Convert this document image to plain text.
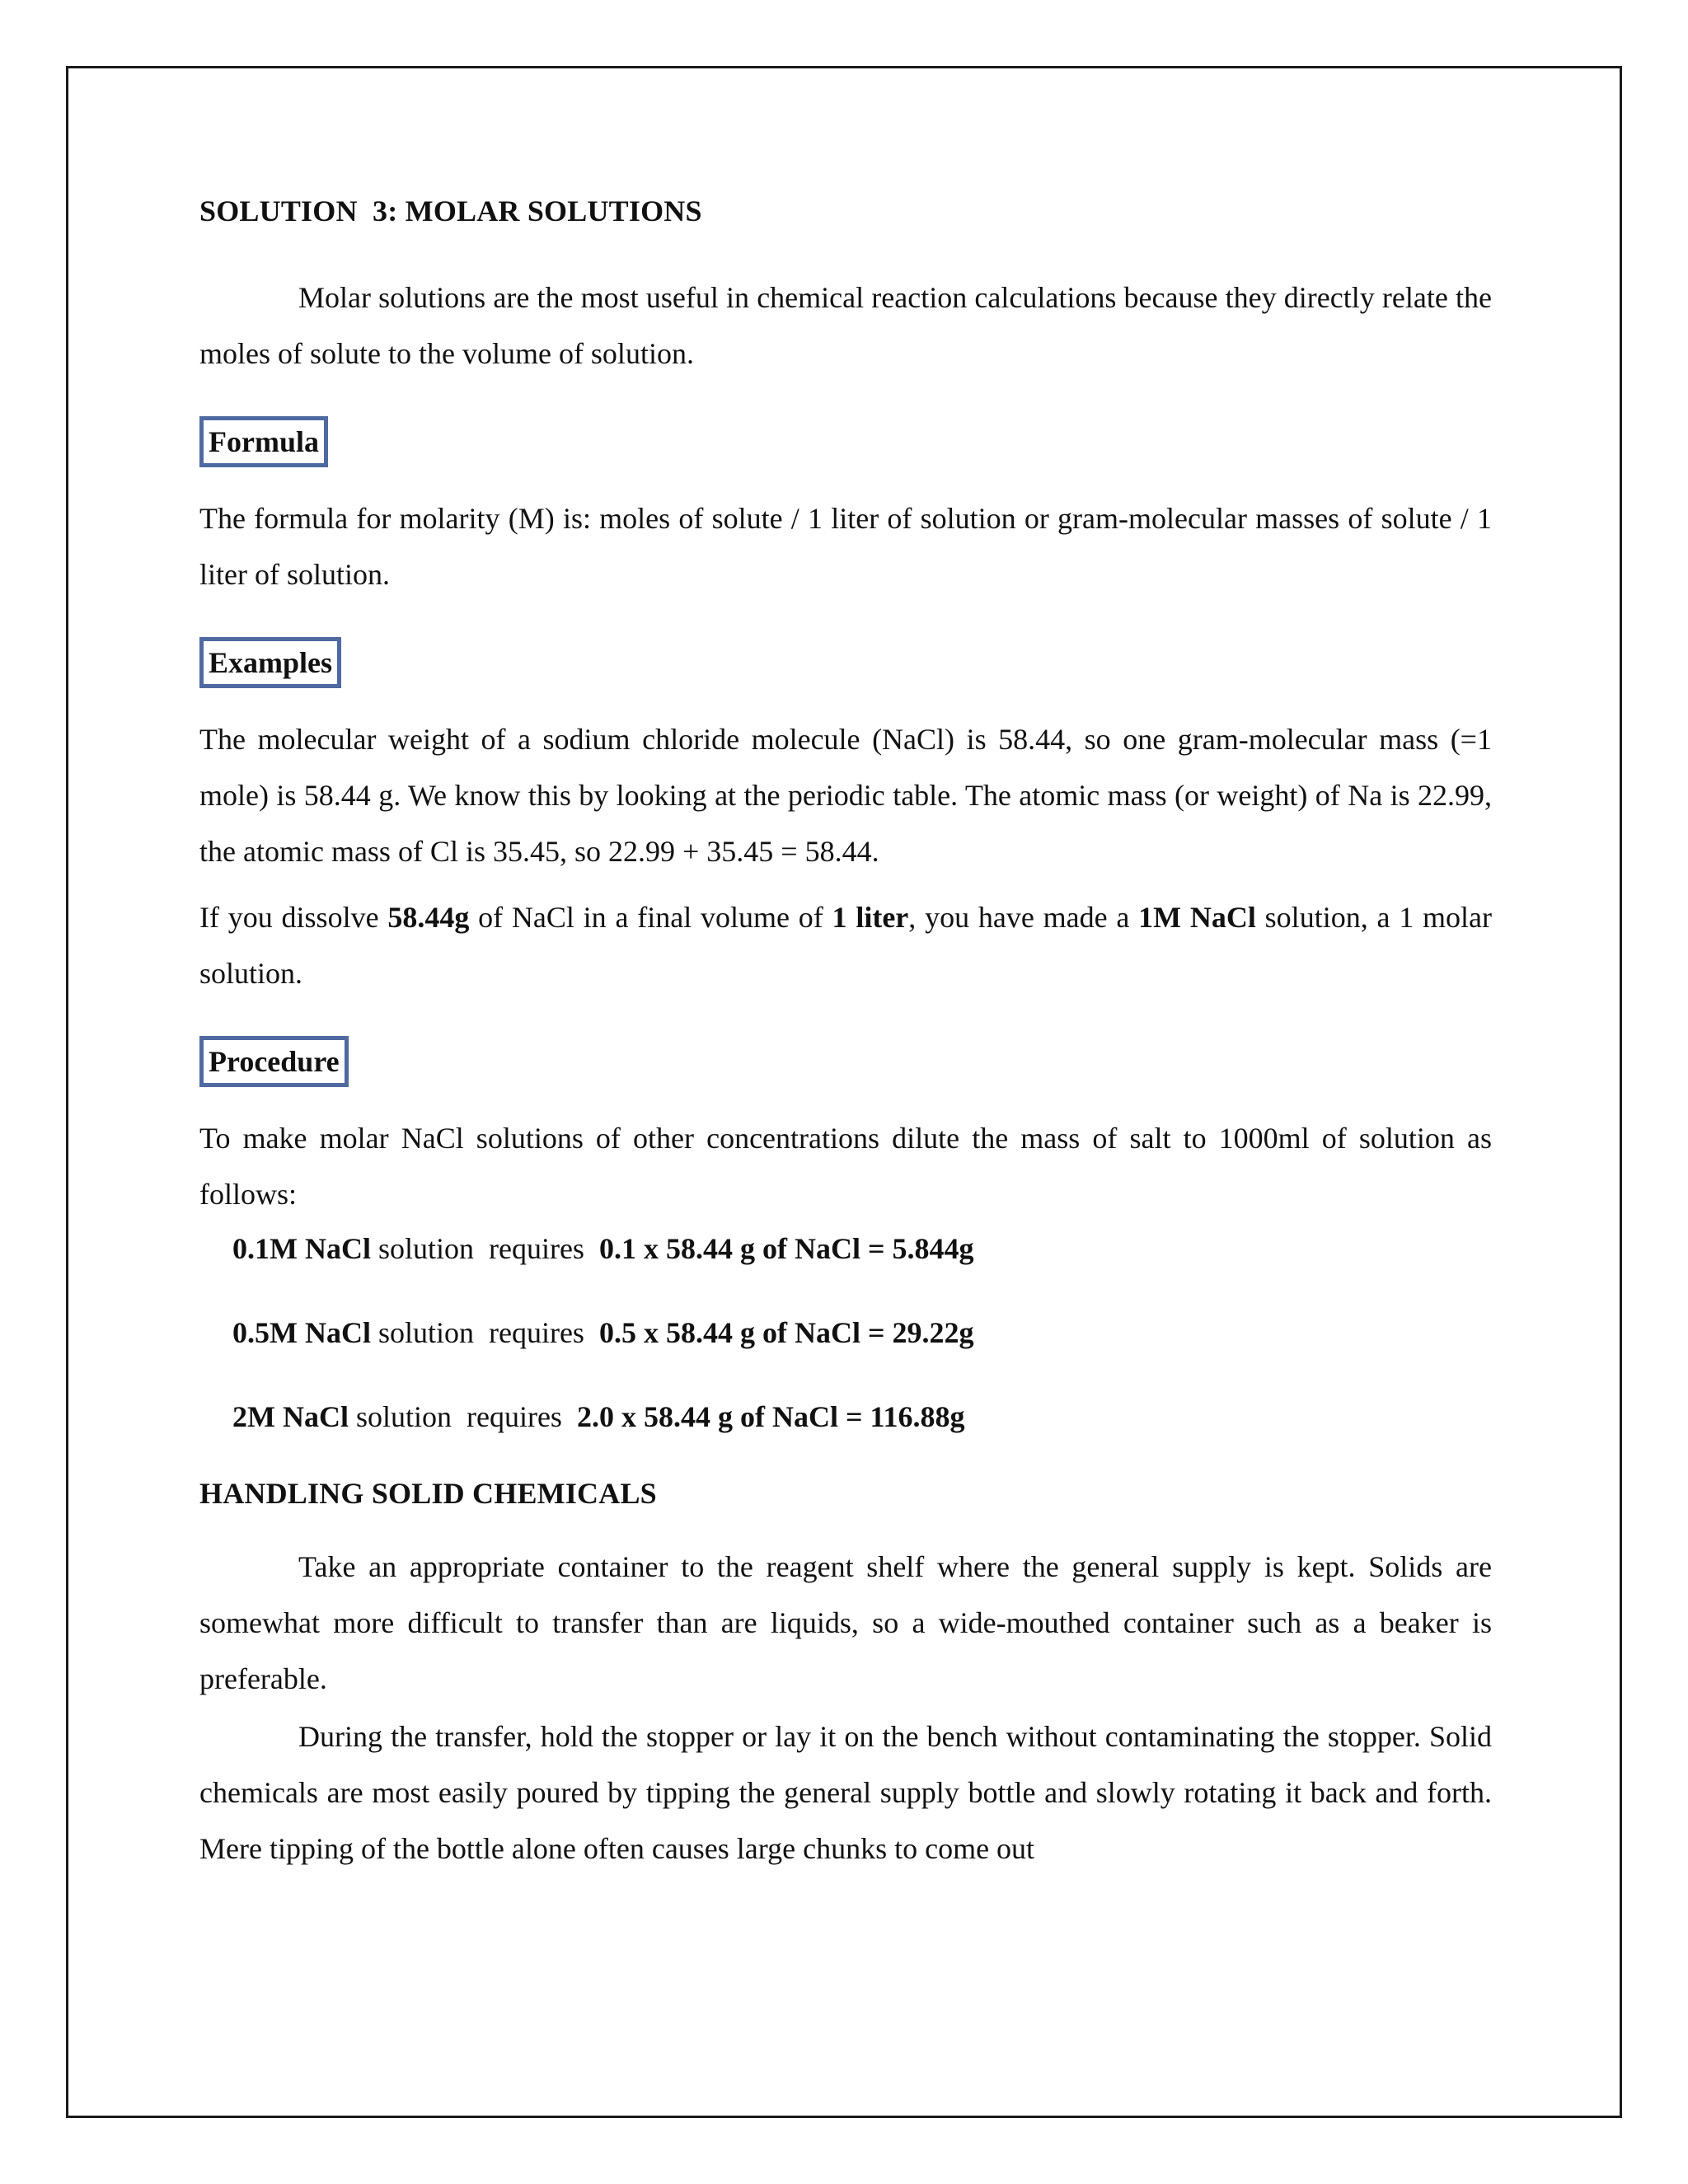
SOLUTION  3: MOLAR SOLUTIONS

Molar solutions are the most useful in chemical reaction calculations because they directly relate the moles of solute to the volume of solution.

Formula

The formula for molarity (M) is: moles of solute / 1 liter of solution or gram-molecular masses of solute / 1 liter of solution.

Examples

The molecular weight of a sodium chloride molecule (NaCl) is 58.44, so one gram-molecular mass (=1 mole) is 58.44 g. We know this by looking at the periodic table. The atomic mass (or weight) of Na is 22.99, the atomic mass of Cl is 35.45, so 22.99 + 35.45 = 58.44.

If you dissolve 58.44g of NaCl in a final volume of 1 liter, you have made a 1M NaCl solution, a 1 molar solution.

Procedure

To make molar NaCl solutions of other concentrations dilute the mass of salt to 1000ml of solution as follows:

0.1M NaCl solution  requires  0.1 x 58.44 g of NaCl = 5.844g
0.5M NaCl solution  requires  0.5 x 58.44 g of NaCl = 29.22g
2M NaCl solution  requires  2.0 x 58.44 g of NaCl = 116.88g
HANDLING SOLID CHEMICALS

Take an appropriate container to the reagent shelf where the general supply is kept. Solids are somewhat more difficult to transfer than are liquids, so a wide-mouthed container such as a beaker is preferable.

During the transfer, hold the stopper or lay it on the bench without contaminating the stopper. Solid chemicals are most easily poured by tipping the general supply bottle and slowly rotating it back and forth. Mere tipping of the bottle alone often causes large chunks to come out
